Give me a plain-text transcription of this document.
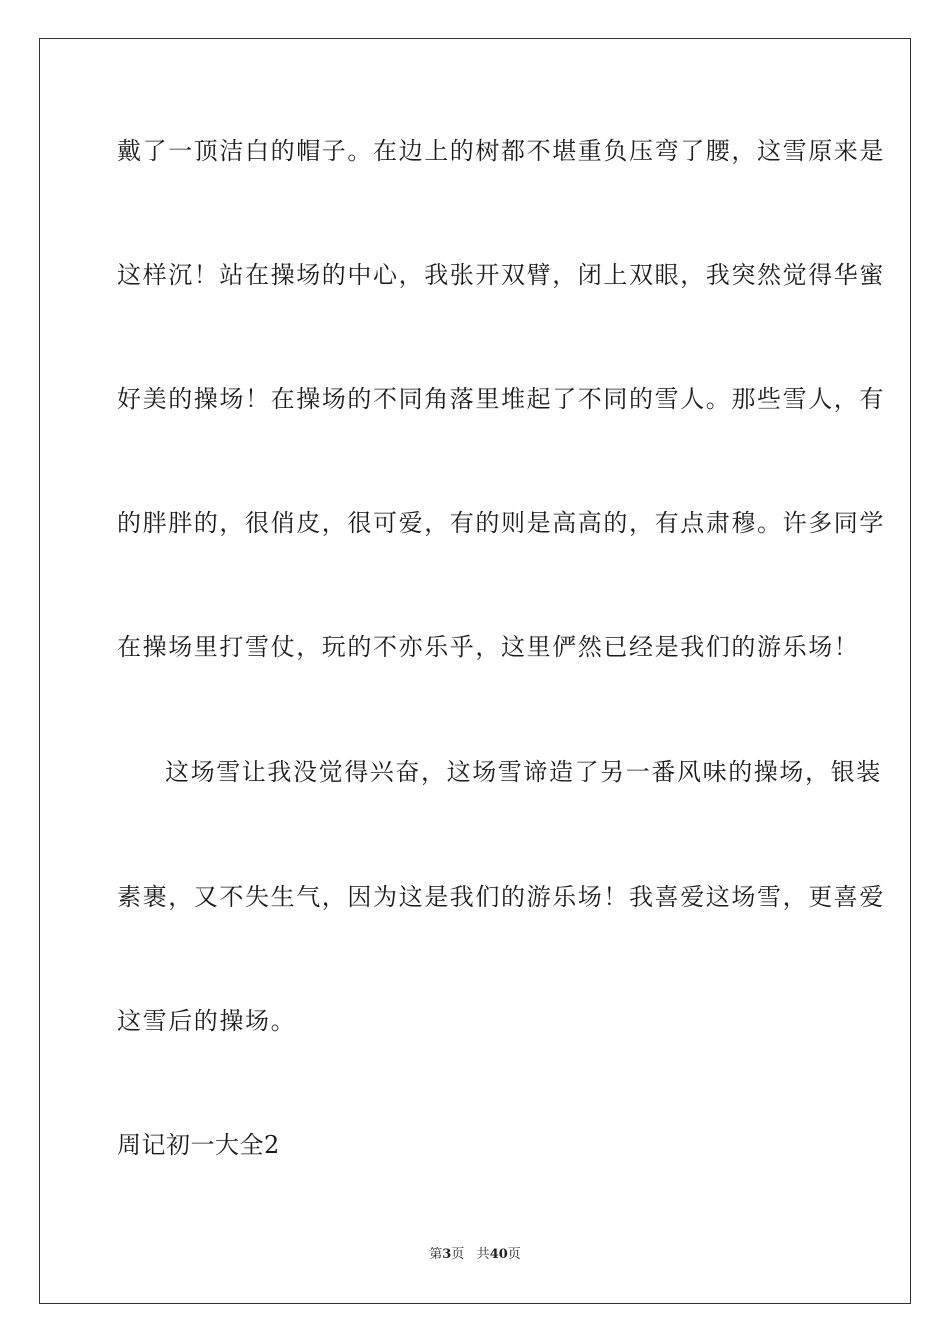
戴了一顶洁白的帽子。在边上的树都不堪重负压弯了腰，这雪原来是
这样沉！站在操场的中心，我张开双臂，闭上双眼，我突然觉得华蜜
好美的操场！在操场的不同角落里堆起了不同的雪人。那些雪人，有
的胖胖的，很俏皮，很可爱，有的则是高高的，有点肃穆。许多同学
在操场里打雪仗，玩的不亦乐乎，这里俨然已经是我们的游乐场！
这场雪让我没觉得兴奋，这场雪谛造了另一番风味的操场，银装
素裹，又不失生气，因为这是我们的游乐场！我喜爱这场雪，更喜爱
这雪后的操场。
周记初一大全2
第3页 共40页
